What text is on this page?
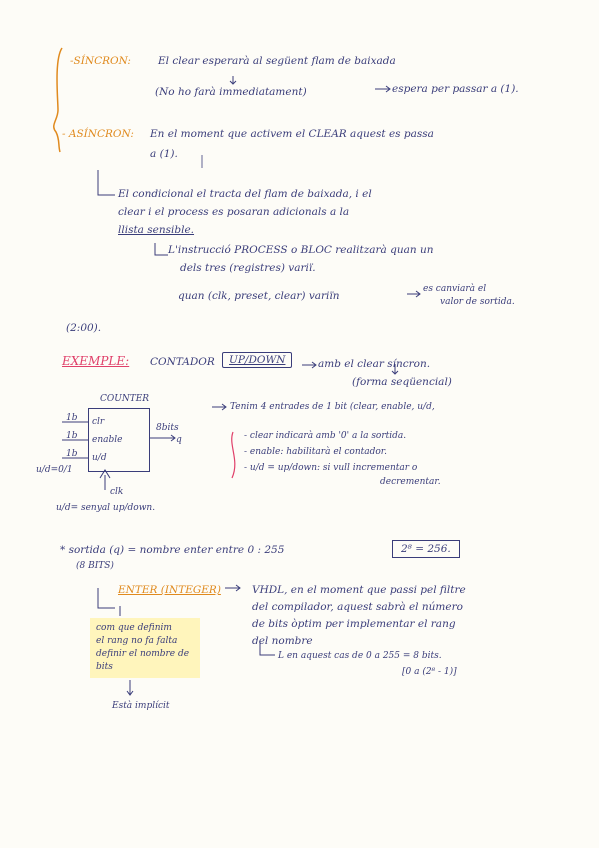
-SÍNCRON:	El clear esperarà al següent flam de baixada
(No ho farà immediatament)	espera per passar a (1).
- ASÍNCRON: En el moment que activem el CLEAR aquest es passa
a (1).
El condicional el tracta del flam de baixada, i el
clear i el process es posaran adicionals a la
llista sensible.
L'instrucció PROCESS o BLOC realitzarà quan un
dels tres (registres) variï.
quan (clk, preset, clear) variïn
es canviarà el
valor de sortida.
(2:00).
EXEMPLE: CONTADOR	UP/DOWN	amb el clear síncron.
(forma seqüencial)
COUNTER
clr
enable
u/d
1b
1b
1b
u/d=0/1
8bits
q
clk
u/d= senyal up/down.
Tenim 4 entrades de 1 bit (clear, enable, u/d,
- clear indicarà amb '0' a la sortida.
- enable: habilitarà el contador.
- u/d = up/down: si vull incrementar o
decrementar.
* sortida (q) = nombre enter entre 0 : 255
(8 BITS)
2⁸ = 256.
ENTER (INTEGER)	VHDL, en el moment que passi pel filtre
del compilador, aquest sabrà el número
de bits òptim per implementar el rang
del nombre
L en aquest cas de 0 a 255 = 8 bits.
[0 a (2⁸ - 1)]
com que definim
el rang no fa falta
definir el nombre de
bits
Està implícit
